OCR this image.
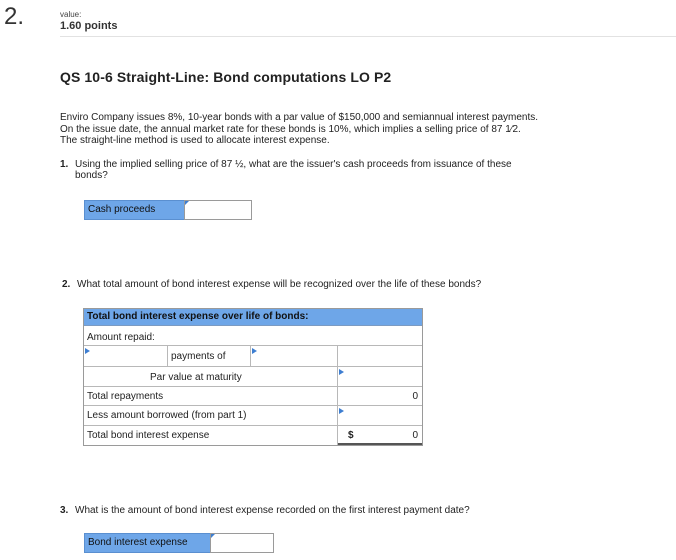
2.	value:
1.60 points
QS 10-6 Straight-Line: Bond computations LO P2
Enviro Company issues 8%, 10-year bonds with a par value of $150,000 and semiannual interest payments.
On the issue date, the annual market rate for these bonds is 10%, which implies a selling price of 87 1⁄2.
The straight-line method is used to allocate interest expense.
1. Using the implied selling price of 87 ½, what are the issuer's cash proceeds from issuance of these
bonds?
Cash proceeds
2. What total amount of bond interest expense will be recognized over the life of these bonds?
Total bond interest expense over life of bonds:
Amount repaid:
payments of
Par value at maturity
Total repayments	0
Less amount borrowed (from part 1)
Total bond interest expense	$	0
3. What is the amount of bond interest expense recorded on the first interest payment date?
Bond interest expense
